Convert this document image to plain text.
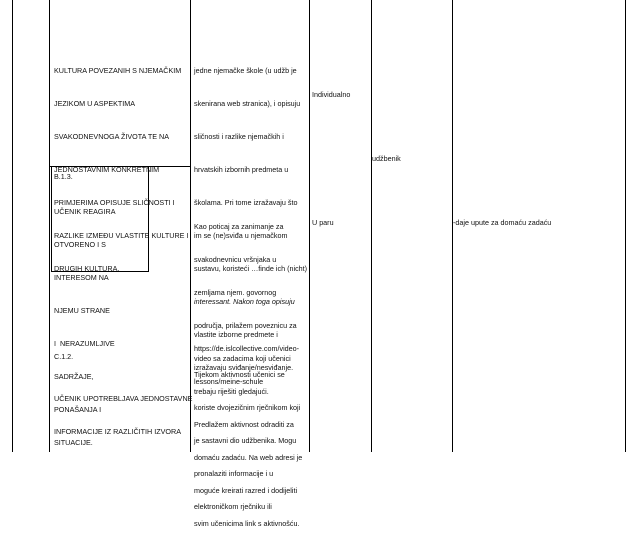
KULTURA POVEZANIH S NJEMAČKIM

JEZIKOM U ASPEKTIMA

SVAKODNEVNOGA ŽIVOTA TE NA

JEDNOSTAVNIM KONKRETNIM

PRIMJERIMA OPISUJE SLIČNOSTI I

RAZLIKE IZMEĐU VLASTITE KULTURE I

DRUGIH KULTURA.

B.1.3.

UČENIK REAGIRA

OTVORENO I S

INTERESOM NA

NJEMU STRANE

I  NERAZUMLJIVE

SADRŽAJE,

PONAŠANJA I

SITUACIJE.

C.1.2.

UČENIK UPOTREBLJAVA JEDNOSTAVNE

INFORMACIJE IZ RAZLIČITIH IZVORA

jedne njemačke škole (u udžb je

skenirana web stranica), i opisuju

sličnosti i razlike njemačkih i

hrvatskih izbornih predmeta u

školama. Pri tome izražavaju što

im se (ne)sviđa u njemačkom

sustavu, koristeći …finde ich (nicht)

interessant. Nakon toga opisuju

vlastite izborne predmete i

izražavaju sviđanje/nesviđanje.

Kao poticaj za zanimanje za

svakodnevnicu vršnjaka u

zemljama njem. govornog

područja, prilažem poveznicu za

video sa zadacima koji učenici

trebaju riješiti gledajući.

Predlažem aktivnost odraditi za

domaću zadaću. Na web adresi je

moguće kreirati razred i dodijeliti

svim učenicima link s aktivnošću.

https://de.islcollective.com/video-

lessons/meine-schule

Tijekom aktivnosti učenici se

koriste dvojezičnim rječnikom koji

je sastavni dio udžbenika. Mogu

pronalaziti informacije i u

elektroničkom rječniku ili

Individualno
U paru
udžbenik
-daje upute za domaću zadaću
